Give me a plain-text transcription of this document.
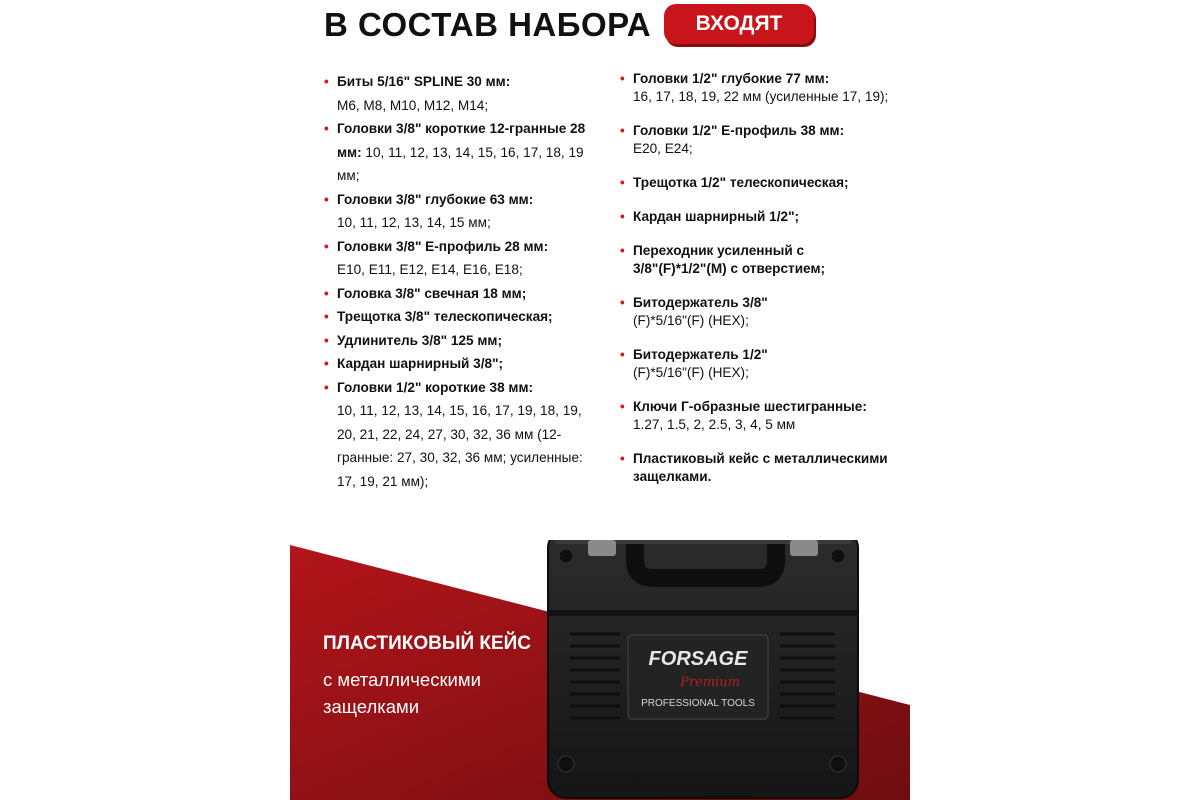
В СОСТАВ НАБОРА	ВХОДЯТ
• Биты 5/16" SPLINE 30 мм:
М6, М8, М10, М12, М14;
• Головки 3/8" короткие 12-гранные 28 мм: 10, 11, 12, 13, 14, 15, 16, 17, 18, 19 мм;
• Головки 3/8" глубокие 63 мм:
10, 11, 12, 13, 14, 15 мм;
• Головки 3/8" Е-профиль 28 мм:
Е10, Е11, Е12, Е14, Е16, Е18;
• Головка 3/8" свечная 18 мм;
• Трещотка 3/8" телескопическая;
• Удлинитель 3/8" 125 мм;
• Кардан шарнирный 3/8";
• Головки 1/2" короткие 38 мм:
10, 11, 12, 13, 14, 15, 16, 17, 19, 18, 19, 20, 21, 22, 24, 27, 30, 32, 36 мм (12-гранные: 27, 30, 32, 36 мм; усиленные: 17, 19, 21 мм);
• Головки 1/2" глубокие 77 мм:
16, 17, 18, 19, 22 мм (усиленные 17, 19);
• Головки 1/2" Е-профиль 38 мм:
Е20, Е24;
• Трещотка 1/2" телескопическая;
• Кардан шарнирный 1/2";
• Переходник усиленный с
3/8"(F)*1/2"(M) с отверстием;
• Битодержатель 3/8"
(F)*5/16"(F) (HEX);
• Битодержатель 1/2"
(F)*5/16"(F) (HEX);
• Ключи Г-образные шестигранные:
1.27, 1.5, 2, 2.5, 3, 4, 5 мм
• Пластиковый кейс с металлическими защелками.
FORSAGE
Premium
PROFESSIONAL TOOLS
ПЛАСТИКОВЫЙ КЕЙС
с металлическими
защелками
